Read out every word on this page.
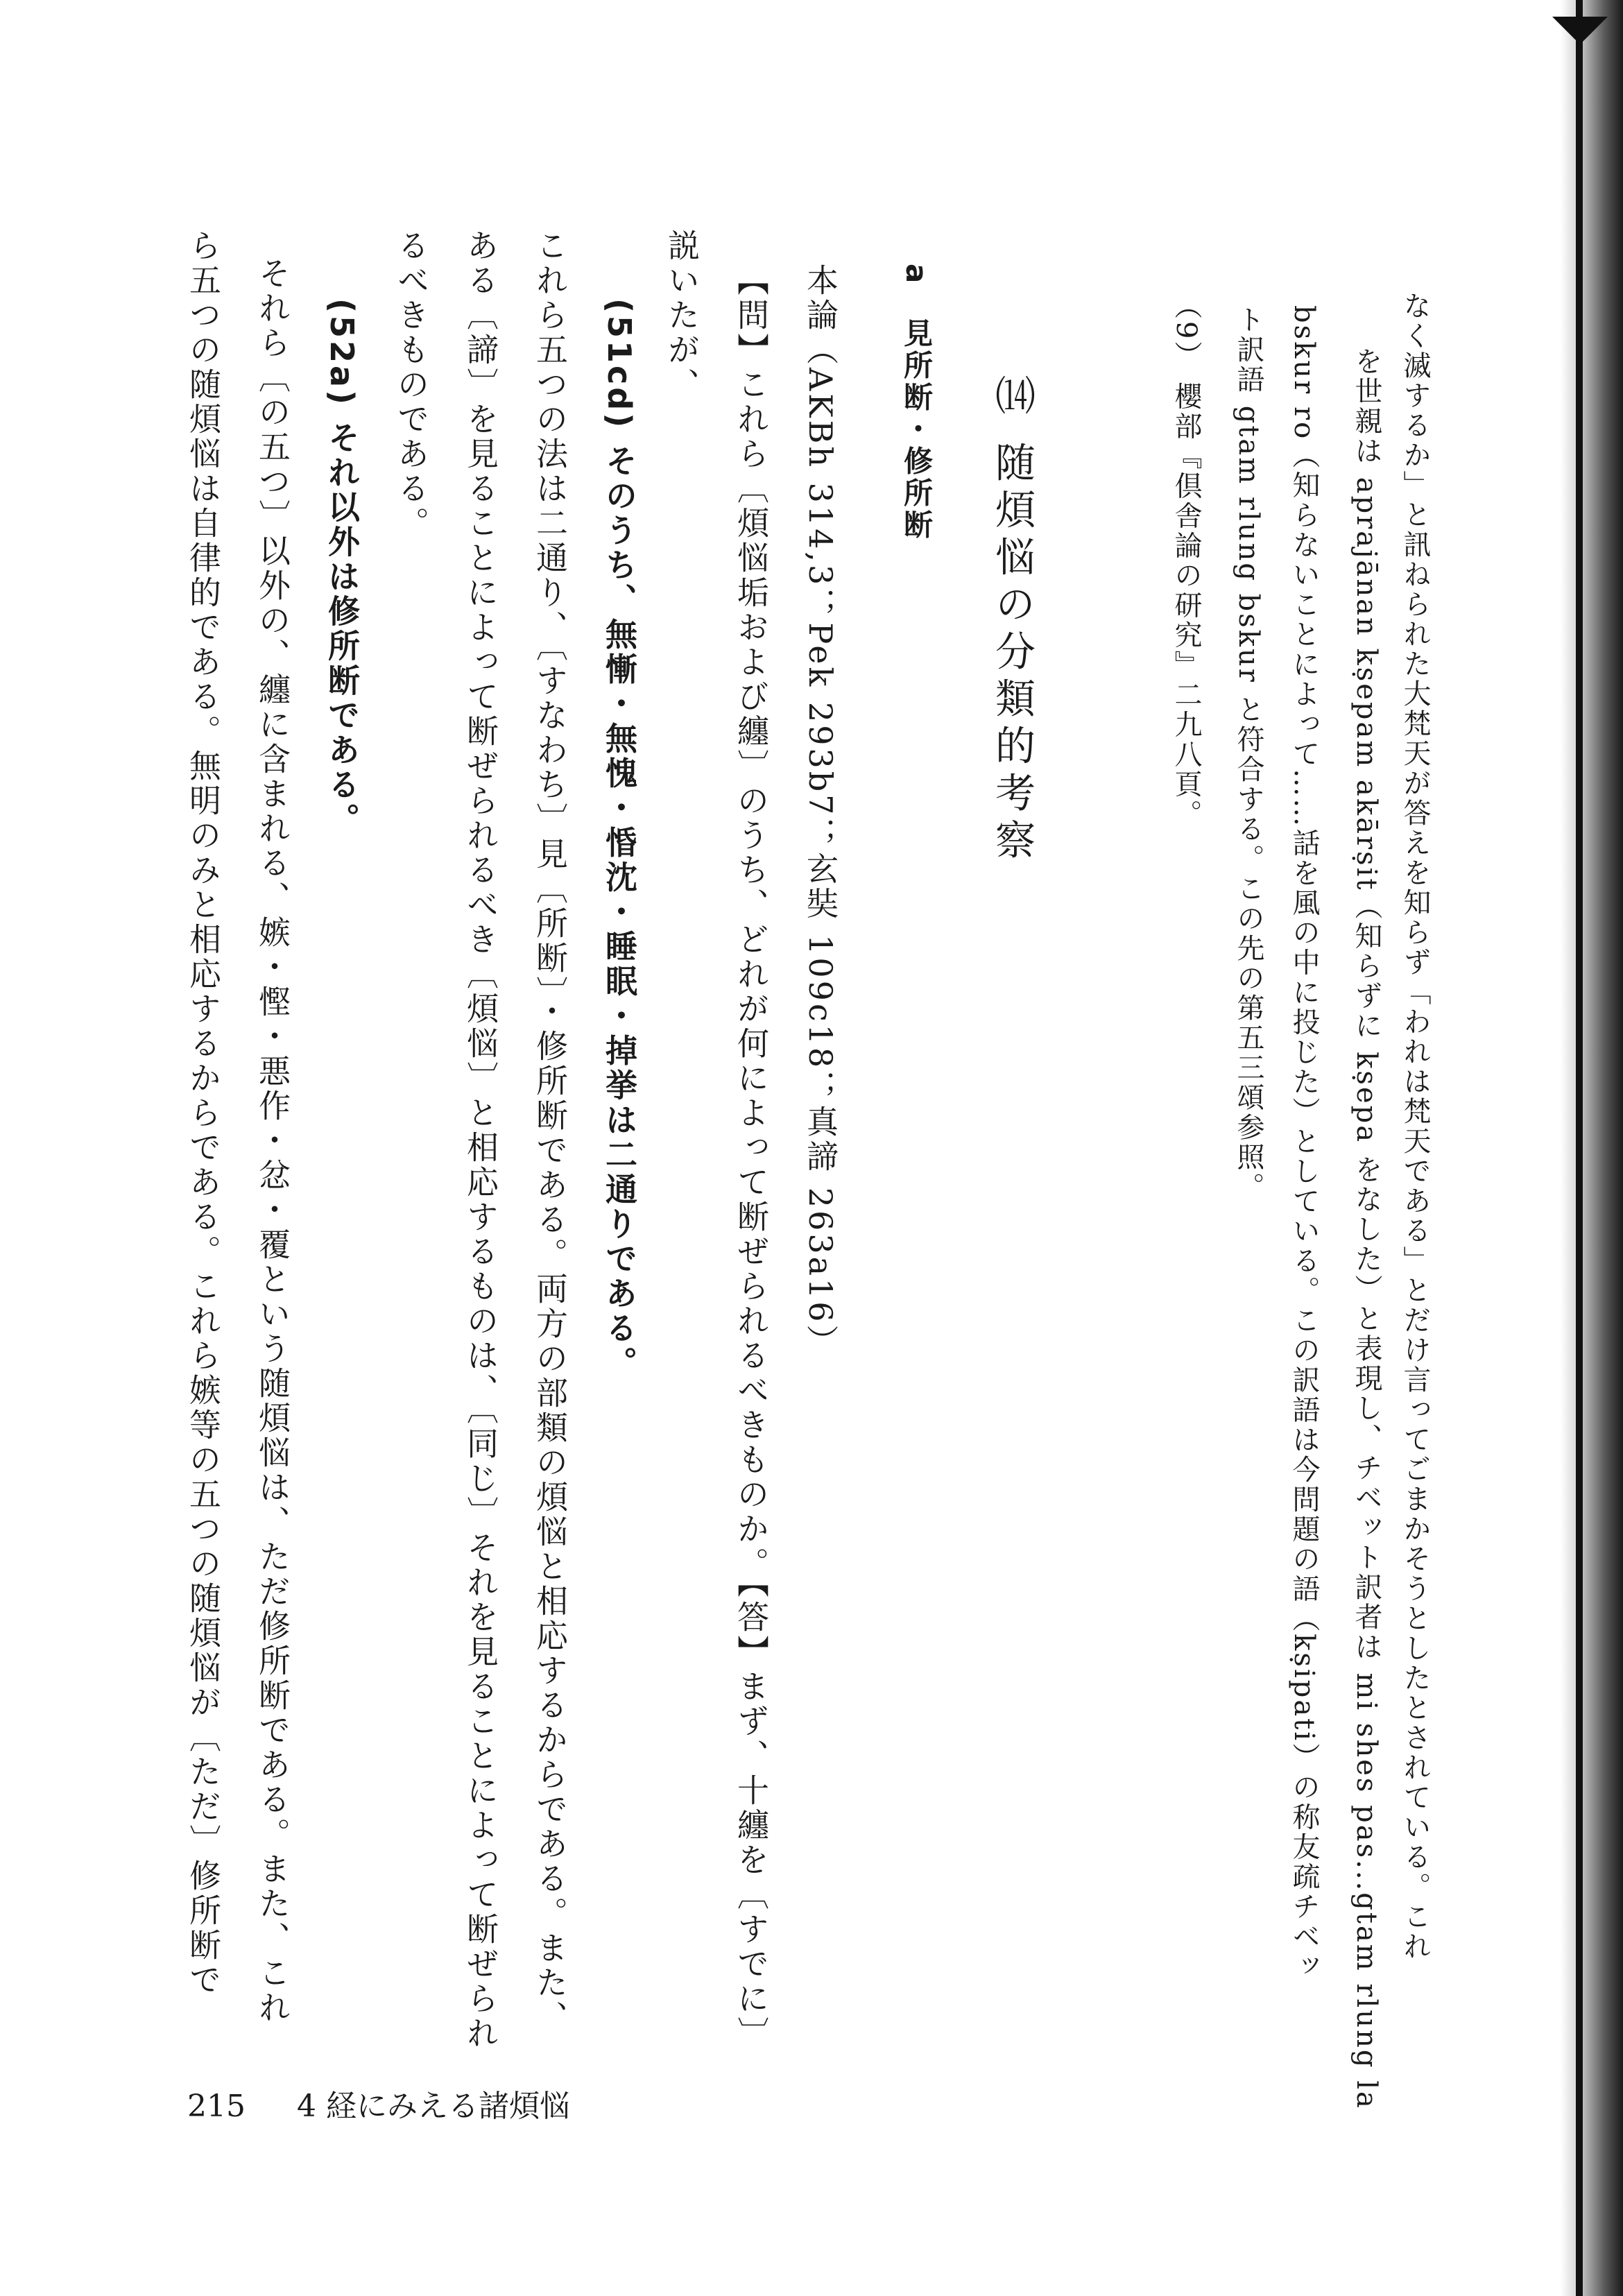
なく滅するか」と訊ねられた大梵天が答えを知らず「われは梵天である」とだけ言ってごまかそうとしたとされている。これ
を世親は aprajānan kṣepam akārṣit（知らずに kṣepa をなした）と表現し、チベット訳者は mi shes pas...gtam rlung la
bskur ro（知らないことによって……話を風の中に投じた）としている。この訳語は今問題の語（kṣipati）の称友疏チベッ
ト訳語 gtam rlung bskur と符合する。この先の第五三頌参照。
（9） 櫻部『倶舎論の研究』二九八頁。
⒁ 随煩悩の分類的考察
a　見所断・修所断
本論（AKBh 314,3；Pek 293b7；玄奘 109c18；真諦 263a16）
【問】これら〔煩悩垢および纏〕のうち、どれが何によって断ぜられるべきものか。【答】まず、十纏を〔すでに〕
説いたが、
(51cd) そのうち、無慚・無愧・惛沈・睡眠・掉挙は二通りである。
これら五つの法は二通り、〔すなわち〕見〔所断〕・修所断である。両方の部類の煩悩と相応するからである。また、
ある〔諦〕を見ることによって断ぜられるべき〔煩悩〕と相応するものは、〔同じ〕それを見ることによって断ぜられ
るべきものである。
(52a) それ以外は修所断である。
それら〔の五つ〕以外の、纏に含まれる、嫉・慳・悪作・忿・覆という随煩悩は、ただ修所断である。また、これ
ら五つの随煩悩は自律的である。無明のみと相応するからである。これら嫉等の五つの随煩悩が〔ただ〕修所断で
215 4 経にみえる諸煩悩
